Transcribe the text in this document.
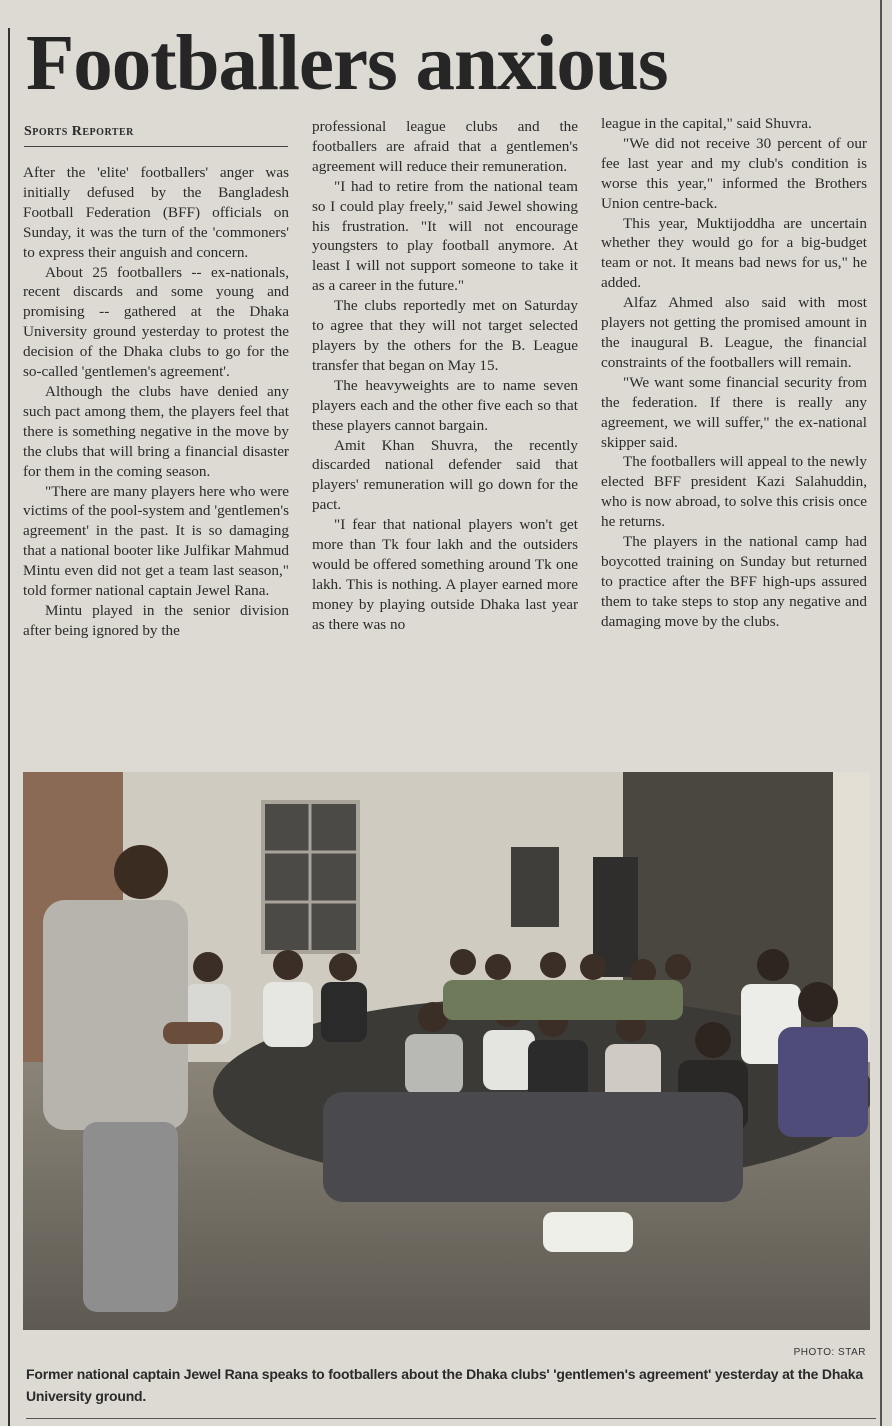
Footballers anxious
Sports Reporter

After the 'elite' footballers' anger was initially defused by the Bangladesh Football Federation (BFF) officials on Sunday, it was the turn of the 'commoners' to express their anguish and concern.

About 25 footballers -- ex-nationals, recent discards and some young and promising -- gathered at the Dhaka University ground yesterday to protest the decision of the Dhaka clubs to go for the so-called 'gentlemen's agreement'.

Although the clubs have denied any such pact among them, the players feel that there is something negative in the move by the clubs that will bring a financial disaster for them in the coming season.

"There are many players here who were victims of the pool-system and 'gentlemen's agreement' in the past. It is so damaging that a national booter like Julfikar Mahmud Mintu even did not get a team last season," told former national captain Jewel Rana.

Mintu played in the senior division after being ignored by the

professional league clubs and the footballers are afraid that a gentlemen's agreement will reduce their remuneration.

"I had to retire from the national team so I could play freely," said Jewel showing his frustration. "It will not encourage youngsters to play football anymore. At least I will not support someone to take it as a career in the future."

The clubs reportedly met on Saturday to agree that they will not target selected players by the others for the B. League transfer that began on May 15.

The heavyweights are to name seven players each and the other five each so that these players cannot bargain.

Amit Khan Shuvra, the recently discarded national defender said that players' remuneration will go down for the pact.

"I fear that national players won't get more than Tk four lakh and the outsiders would be offered something around Tk one lakh. This is nothing. A player earned more money by playing outside Dhaka last year as there was no

league in the capital," said Shuvra.

"We did not receive 30 percent of our fee last year and my club's condition is worse this year," informed the Brothers Union centre-back.

This year, Muktijoddha are uncertain whether they would go for a big-budget team or not. It means bad news for us," he added.

Alfaz Ahmed also said with most players not getting the promised amount in the inaugural B. League, the financial constraints of the footballers will remain.

"We want some financial security from the federation. If there is really any agreement, we will suffer," the ex-national skipper said.

The footballers will appeal to the newly elected BFF president Kazi Salahuddin, who is now abroad, to solve this crisis once he returns.

The players in the national camp had boycotted training on Sunday but returned to practice after the BFF high-ups assured them to take steps to stop any negative and damaging move by the clubs.

PHOTO: STAR
Former national captain Jewel Rana speaks to footballers about the Dhaka clubs' 'gentlemen's agreement' yesterday at the Dhaka University ground.
